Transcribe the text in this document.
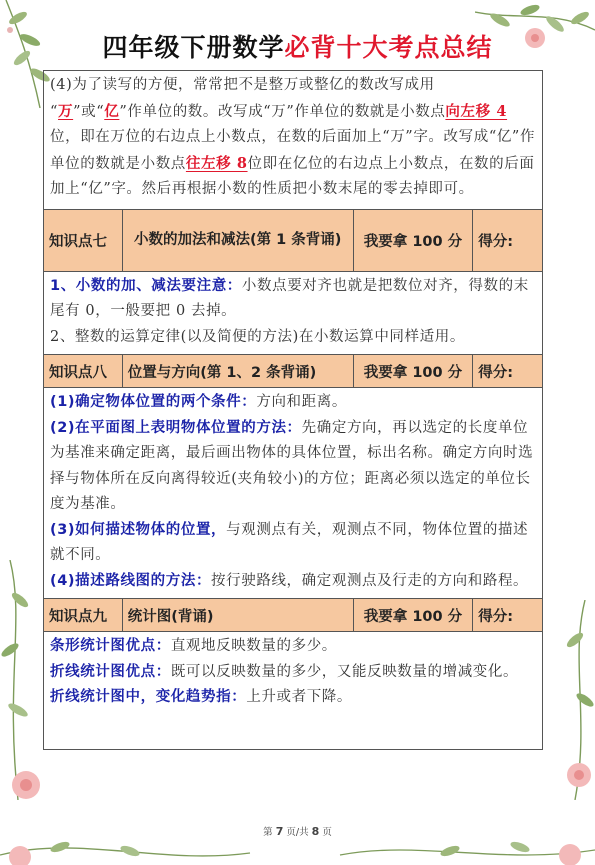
四年级下册数学必背十大考点总结
(4)为了读写的方便，常常把不是整万或整亿的数改写成用
“万”或“亿”作单位的数。改写成“万”作单位的数就是小数点向左移 4位，即在万位的右边点上小数点，在数的后面加上“万”字。改写成“亿”作单位的数就是小数点往左移 8位即在亿位的右边点上小数点，在数的后面加上“亿”字。然后再根据小数的性质把小数末尾的零去掉即可。
知识点七	小数的加法和减法(第 1 条背诵)	我要拿 100 分	得分:
1、小数的加、减法要注意：小数点要对齐也就是把数位对齐，得数的末尾有 0，一般要把 0 去掉。
2、整数的运算定律(以及简便的方法)在小数运算中同样适用。
知识点八	位置与方向(第 1、2 条背诵)	我要拿 100 分	得分:
(1)确定物体位置的两个条件：方向和距离。
(2)在平面图上表明物体位置的方法：先确定方向，再以选定的长度单位为基准来确定距离，最后画出物体的具体位置，标出名称。确定方向时选择与物体所在反向离得较近(夹角较小)的方位；距离必须以选定的单位长度为基准。
(3)如何描述物体的位置，与观测点有关，观测点不同，物体位置的描述就不同。
(4)描述路线图的方法：按行驶路线，确定观测点及行走的方向和路程。
知识点九	统计图(背诵)	我要拿 100 分	得分:
条形统计图优点：直观地反映数量的多少。
折线统计图优点：既可以反映数量的多少，又能反映数量的增减变化。
折线统计图中，变化趋势指：上升或者下降。
第 7 页/共 8 页
